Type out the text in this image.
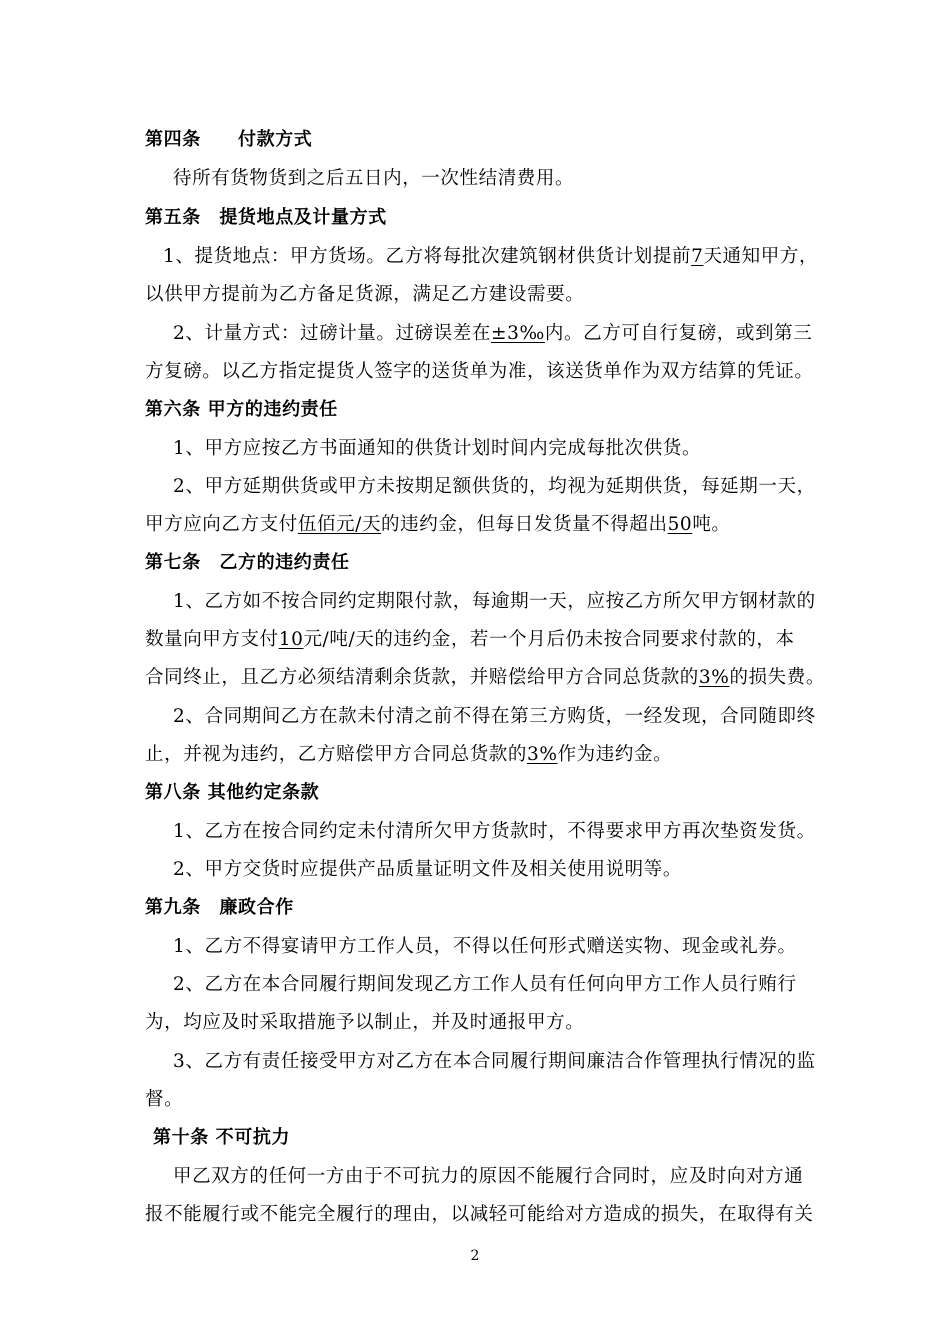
第四条　　付款方式
待所有货物货到之后五日内，一次性结清费用。
第五条　提货地点及计量方式
1、提货地点：甲方货场。乙方将每批次建筑钢材供货计划提前7天通知甲方，
以供甲方提前为乙方备足货源，满足乙方建设需要。
2、计量方式：过磅计量。过磅误差在±3‰内。乙方可自行复磅，或到第三
方复磅。以乙方指定提货人签字的送货单为准，该送货单作为双方结算的凭证。
第六条 甲方的违约责任
1、甲方应按乙方书面通知的供货计划时间内完成每批次供货。
2、甲方延期供货或甲方未按期足额供货的，均视为延期供货，每延期一天，
甲方应向乙方支付伍佰元/天的违约金，但每日发货量不得超出50吨。
第七条　乙方的违约责任
1、乙方如不按合同约定期限付款，每逾期一天，应按乙方所欠甲方钢材款的
数量向甲方支付10元/吨/天的违约金，若一个月后仍未按合同要求付款的，本
合同终止，且乙方必须结清剩余货款，并赔偿给甲方合同总货款的3%的损失费。
2、合同期间乙方在款未付清之前不得在第三方购货，一经发现，合同随即终
止，并视为违约，乙方赔偿甲方合同总货款的3%作为违约金。
第八条 其他约定条款
1、乙方在按合同约定未付清所欠甲方货款时，不得要求甲方再次垫资发货。
2、甲方交货时应提供产品质量证明文件及相关使用说明等。
第九条　廉政合作
1、乙方不得宴请甲方工作人员，不得以任何形式赠送实物、现金或礼券。
2、乙方在本合同履行期间发现乙方工作人员有任何向甲方工作人员行贿行
为，均应及时采取措施予以制止，并及时通报甲方。
3、乙方有责任接受甲方对乙方在本合同履行期间廉洁合作管理执行情况的监
督。
第十条 不可抗力
甲乙双方的任何一方由于不可抗力的原因不能履行合同时，应及时向对方通
报不能履行或不能完全履行的理由，以减轻可能给对方造成的损失，在取得有关
2
